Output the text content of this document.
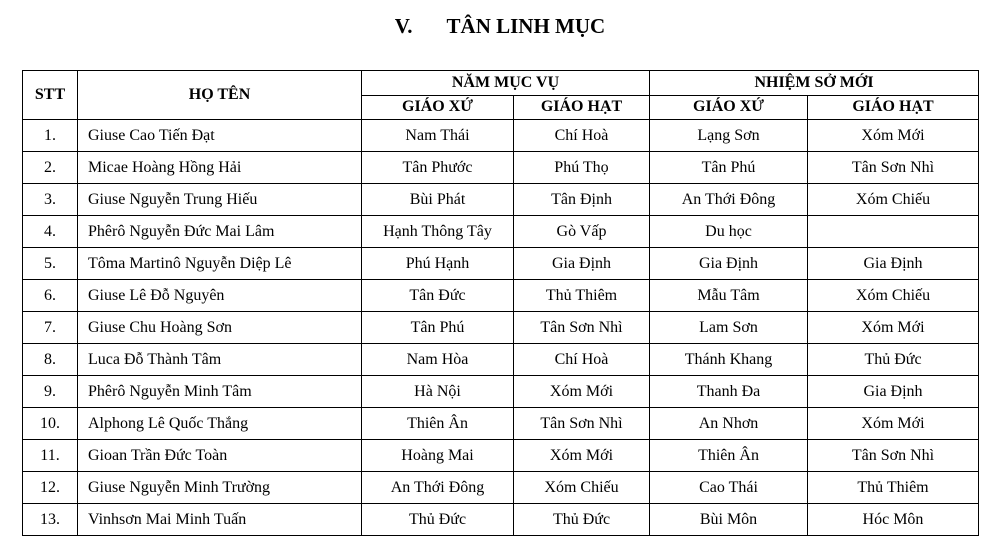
V. TÂN LINH MỤC
STT	HỌ TÊN	NĂM MỤC VỤ		NHIỆM SỞ MỚI	
		GIÁO XỨ	GIÁO HẠT	GIÁO XỨ	GIÁO HẠT
1.	Giuse Cao Tiến Đạt	Nam Thái	Chí Hoà	Lạng Sơn	Xóm Mới
2.	Micae Hoàng Hồng Hải	Tân Phước	Phú Thọ	Tân Phú	Tân Sơn Nhì
3.	Giuse Nguyễn Trung Hiếu	Bùi Phát	Tân Định	An Thới Đông	Xóm Chiếu
4.	Phêrô Nguyễn Đức Mai Lâm	Hạnh Thông Tây	Gò Vấp	Du học	
5.	Tôma Martinô Nguyễn Diệp Lê	Phú Hạnh	Gia Định	Gia Định	Gia Định
6.	Giuse Lê Đỗ Nguyên	Tân Đức	Thủ Thiêm	Mẫu Tâm	Xóm Chiếu
7.	Giuse Chu Hoàng Sơn	Tân Phú	Tân Sơn Nhì	Lam Sơn	Xóm Mới
8.	Luca Đỗ Thành Tâm	Nam Hòa	Chí Hoà	Thánh Khang	Thủ Đức
9.	Phêrô Nguyễn Minh Tâm	Hà Nội	Xóm Mới	Thanh Đa	Gia Định
10.	Alphong Lê Quốc Thắng	Thiên Ân	Tân Sơn Nhì	An Nhơn	Xóm Mới
11.	Gioan Trần Đức Toàn	Hoàng Mai	Xóm Mới	Thiên Ân	Tân Sơn Nhì
12.	Giuse Nguyễn Minh Trường	An Thới Đông	Xóm Chiếu	Cao Thái	Thủ Thiêm
13.	Vinhsơn Mai Minh Tuấn	Thủ Đức	Thủ Đức	Bùi Môn	Hóc Môn
